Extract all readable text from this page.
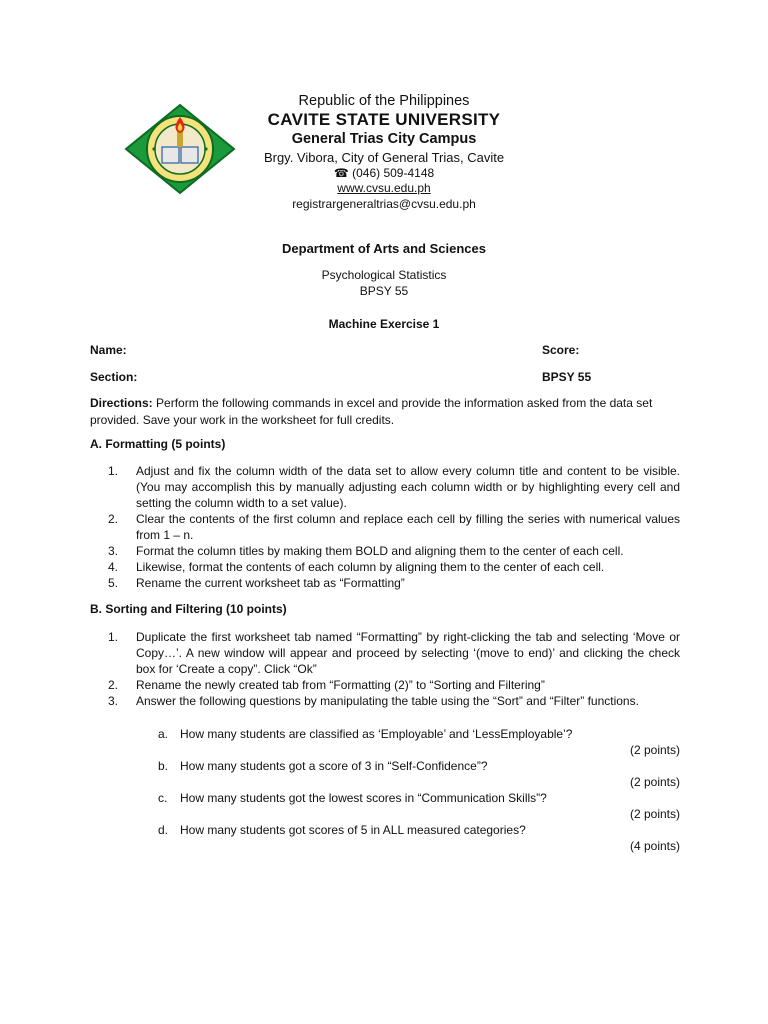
Republic of the Philippines
CAVITE STATE UNIVERSITY
General Trias City Campus
Brgy. Vibora, City of General Trias, Cavite
☎ (046) 509-4148
www.cvsu.edu.ph
registrargeneraltrias@cvsu.edu.ph
Department of Arts and Sciences
Psychological Statistics
BPSY 55
Machine Exercise 1
Name:	Score:
Section:	BPSY 55
Directions: Perform the following commands in excel and provide the information asked from the data set provided. Save your work in the worksheet for full credits.
A. Formatting (5 points)
1.	Adjust and fix the column width of the data set to allow every column title and content to be visible. (You may accomplish this by manually adjusting each column width or by highlighting every cell and setting the column width to a set value).
2.	Clear the contents of the first column and replace each cell by filling the series with numerical values from 1 – n.
3.	Format the column titles by making them BOLD and aligning them to the center of each cell.
4.	Likewise, format the contents of each column by aligning them to the center of each cell.
5.	Rename the current worksheet tab as “Formatting”
B. Sorting and Filtering (10 points)
1.	Duplicate the first worksheet tab named “Formatting” by right-clicking the tab and selecting ‘Move or Copy…’. A new window will appear and proceed by selecting ‘(move to end)’ and clicking the check box for ‘Create a copy”. Click “Ok”
2.	Rename the newly created tab from “Formatting (2)” to “Sorting and Filtering”
3.	Answer the following questions by manipulating the table using the “Sort” and “Filter” functions.
a. How many students are classified as ‘Employable’ and ‘LessEmployable’?
(2 points)
b. How many students got a score of 3 in “Self-Confidence”?
(2 points)
c. How many students got the lowest scores in “Communication Skills”?
(2 points)
d. How many students got scores of 5 in ALL measured categories?
(4 points)
